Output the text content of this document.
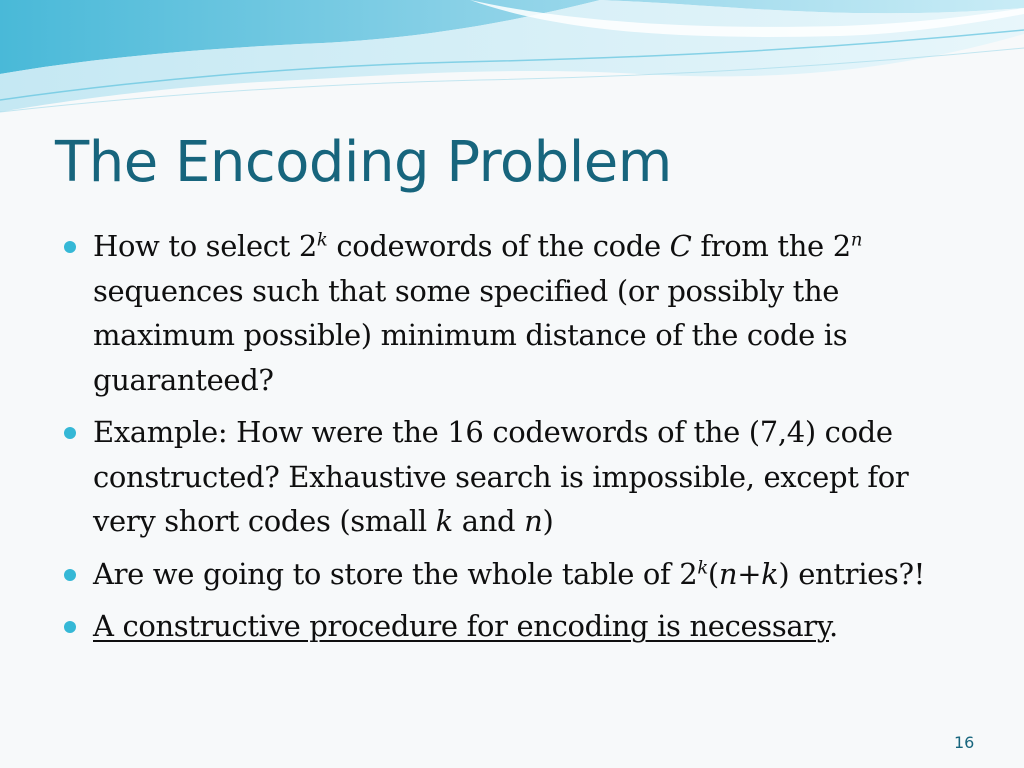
The Encoding Problem
How to select 2$^k$ codewords of the code C from the 2$^n$ sequences such that some specified (or possibly the maximum possible) minimum distance of the code is guaranteed?
Example: How were the 16 codewords of the (7,4) code constructed? Exhaustive search is impossible, except for very short codes (small k and n)
Are we going to store the whole table of $2^k(n+k)$ entries?!
A constructive procedure for encoding is necessary.
16
